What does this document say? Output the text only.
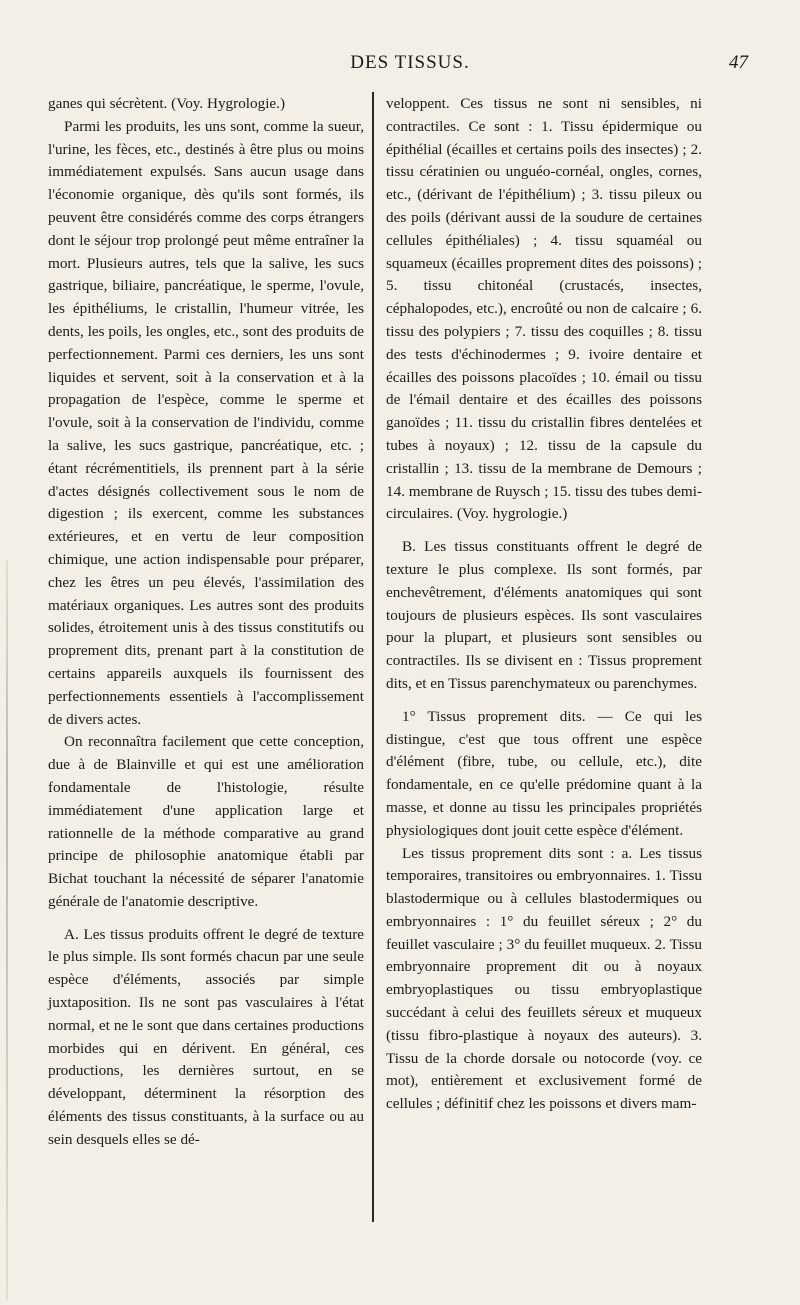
DES TISSUS.	47

ganes qui sécrètent. (Voy. Hygrologie.)

Parmi les produits, les uns sont, comme la sueur, l'urine, les fèces, etc., destinés à être plus ou moins immédiatement expulsés. Sans aucun usage dans l'économie organique, dès qu'ils sont formés, ils peuvent être considérés comme des corps étrangers dont le séjour trop prolongé peut même entraîner la mort. Plusieurs autres, tels que la salive, les sucs gastrique, biliaire, pancréatique, le sperme, l'ovule, les épithéliums, le cristallin, l'humeur vitrée, les dents, les poils, les ongles, etc., sont des produits de perfectionnement. Parmi ces derniers, les uns sont liquides et servent, soit à la conservation et à la propagation de l'espèce, comme le sperme et l'ovule, soit à la conservation de l'individu, comme la salive, les sucs gastrique, pancréatique, etc. ; étant récrémentitiels, ils prennent part à la série d'actes désignés collectivement sous le nom de digestion ; ils exercent, comme les substances extérieures, et en vertu de leur composition chimique, une action indispensable pour préparer, chez les êtres un peu élevés, l'assimilation des matériaux organiques. Les autres sont des produits solides, étroitement unis à des tissus constitutifs ou proprement dits, prenant part à la constitution de certains appareils auxquels ils fournissent des perfectionnements essentiels à l'accomplissement de divers actes.

On reconnaîtra facilement que cette conception, due à de Blainville et qui est une amélioration fondamentale de l'histologie, résulte immédiatement d'une application large et rationnelle de la méthode comparative au grand principe de philosophie anatomique établi par Bichat touchant la nécessité de séparer l'anatomie générale de l'anatomie descriptive.

A. Les tissus produits offrent le degré de texture le plus simple. Ils sont formés chacun par une seule espèce d'éléments, associés par simple juxtaposition. Ils ne sont pas vasculaires à l'état normal, et ne le sont que dans certaines productions morbides qui en dérivent. En général, ces productions, les dernières surtout, en se développant, déterminent la résorption des éléments des tissus constituants, à la surface ou au sein desquels elles se dé-

veloppent. Ces tissus ne sont ni sensibles, ni contractiles. Ce sont : 1. Tissu épidermique ou épithélial (écailles et certains poils des insectes) ; 2. tissu cératinien ou unguéo-cornéal, ongles, cornes, etc., (dérivant de l'épithélium) ; 3. tissu pileux ou des poils (dérivant aussi de la soudure de certaines cellules épithéliales) ; 4. tissu squaméal ou squameux (écailles proprement dites des poissons) ; 5. tissu chitonéal (crustacés, insectes, céphalopodes, etc.), encroûté ou non de calcaire ; 6. tissu des polypiers ; 7. tissu des coquilles ; 8. tissu des tests d'échinodermes ; 9. ivoire dentaire et écailles des poissons placoïdes ; 10. émail ou tissu de l'émail dentaire et des écailles des poissons ganoïdes ; 11. tissu du cristallin fibres dentelées et tubes à noyaux) ; 12. tissu de la capsule du cristallin ; 13. tissu de la membrane de Demours ; 14. membrane de Ruysch ; 15. tissu des tubes demi-circulaires. (Voy. hygrologie.)

B. Les tissus constituants offrent le degré de texture le plus complexe. Ils sont formés, par enchevêtrement, d'éléments anatomiques qui sont toujours de plusieurs espèces. Ils sont vasculaires pour la plupart, et plusieurs sont sensibles ou contractiles. Ils se divisent en : Tissus proprement dits, et en Tissus parenchymateux ou parenchymes.

1° Tissus proprement dits. — Ce qui les distingue, c'est que tous offrent une espèce d'élément (fibre, tube, ou cellule, etc.), dite fondamentale, en ce qu'elle prédomine quant à la masse, et donne au tissu les principales propriétés physiologiques dont jouit cette espèce d'élément.

Les tissus proprement dits sont : a. Les tissus temporaires, transitoires ou embryonnaires. 1. Tissu blastodermique ou à cellules blastodermiques ou embryonnaires : 1° du feuillet séreux ; 2° du feuillet vasculaire ; 3° du feuillet muqueux. 2. Tissu embryonnaire proprement dit ou à noyaux embryoplastiques ou tissu embryoplastique succédant à celui des feuillets séreux et muqueux (tissu fibro-plastique à noyaux des auteurs). 3. Tissu de la chorde dorsale ou notocorde (voy. ce mot), entièrement et exclusivement formé de cellules ; définitif chez les poissons et divers mam-
